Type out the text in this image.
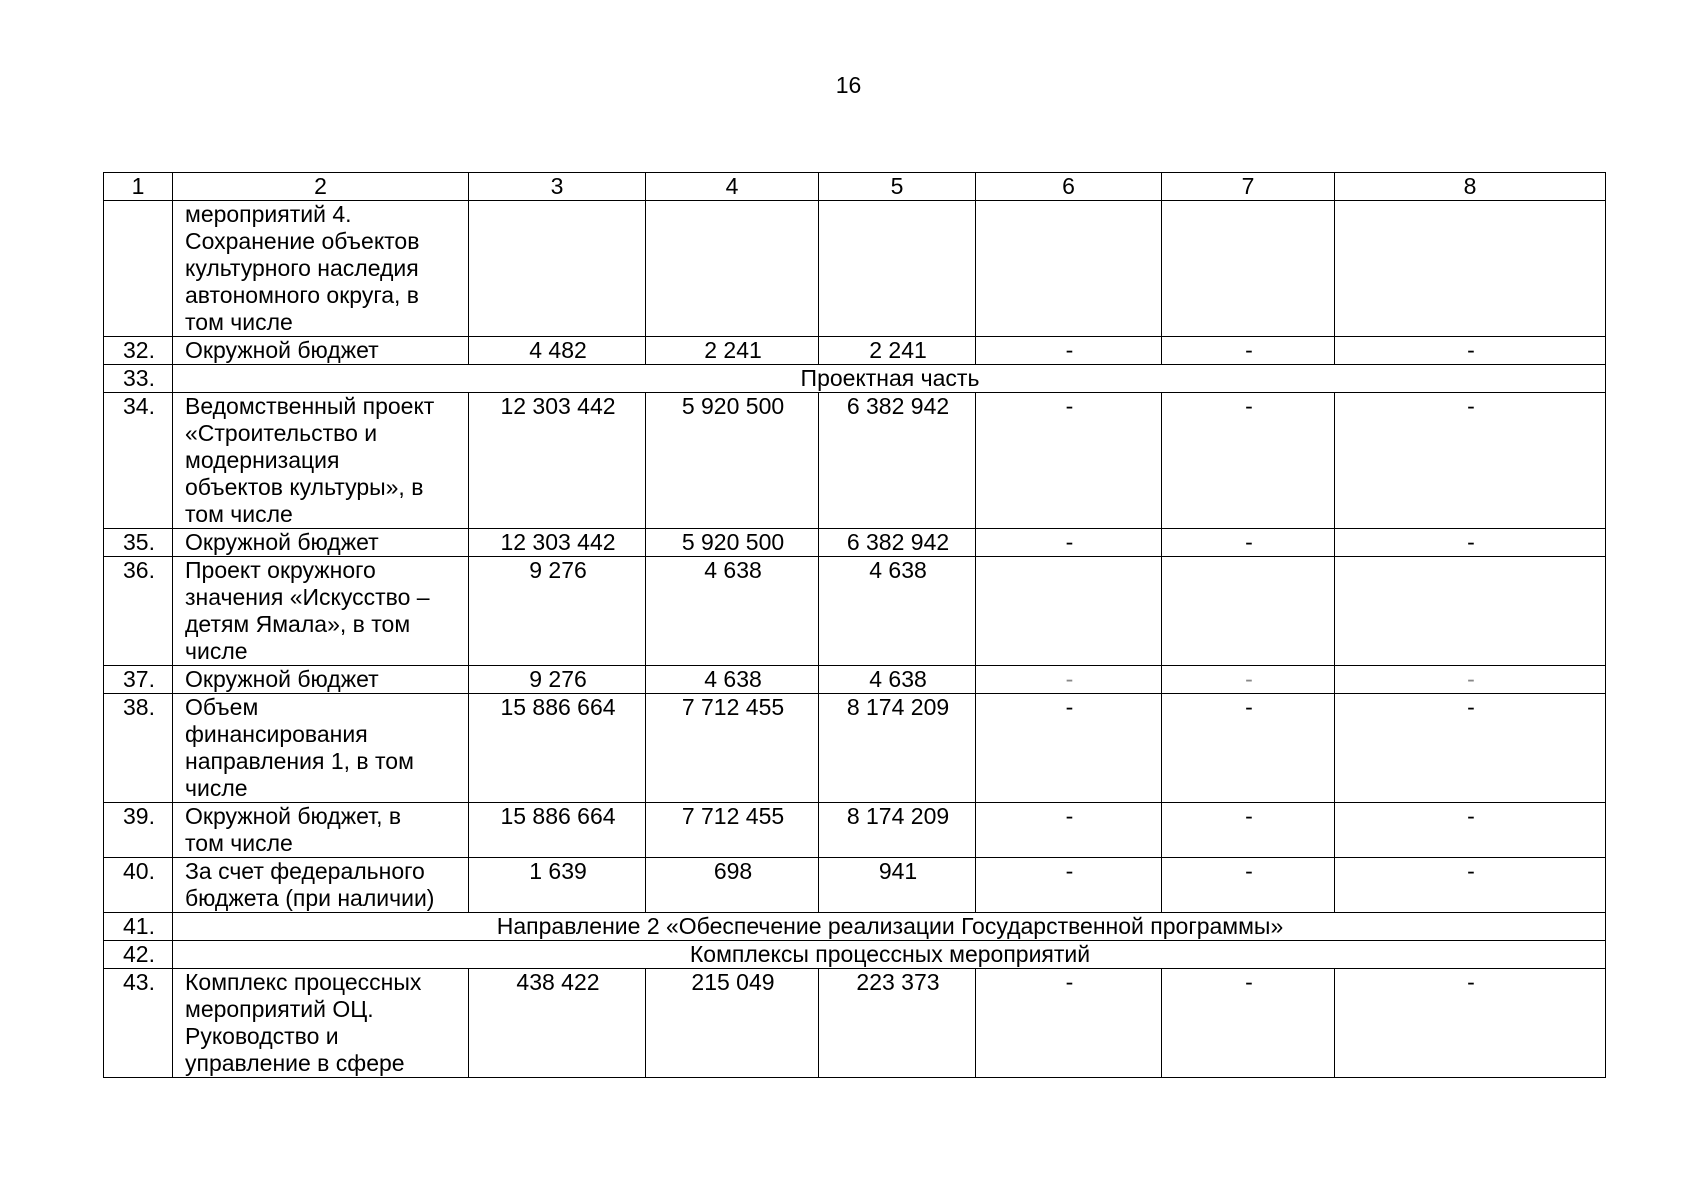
16
1	2	3	4	5	6	7	8
	мероприятий 4.
Сохранение объектов
культурного наследия
автономного округа, в
том числе						
32.	Окружной бюджет	4 482	2 241	2 241	-	-	-
33.	Проектная часть						
34.	Ведомственный проект
«Строительство и
модернизация
объектов культуры», в
том числе	12 303 442	5 920 500	6 382 942	-	-	-
35.	Окружной бюджет	12 303 442	5 920 500	6 382 942	-	-	-
36.	Проект окружного
значения «Искусство –
детям Ямала», в том
числе	9 276	4 638	4 638			
37.	Окружной бюджет	9 276	4 638	4 638	-	-	-
38.	Объем
финансирования
направления 1, в том
числе	15 886 664	7 712 455	8 174 209	-	-	-
39.	Окружной бюджет, в
том числе	15 886 664	7 712 455	8 174 209	-	-	-
40.	За счет федерального
бюджета (при наличии)	1 639	698	941	-	-	-
41.	Направление 2 «Обеспечение реализации Государственной программы»						
42.	Комплексы процессных мероприятий						
43.	Комплекс процессных
мероприятий ОЦ.
Руководство и
управление в сфере	438 422	215 049	223 373	-	-	-
